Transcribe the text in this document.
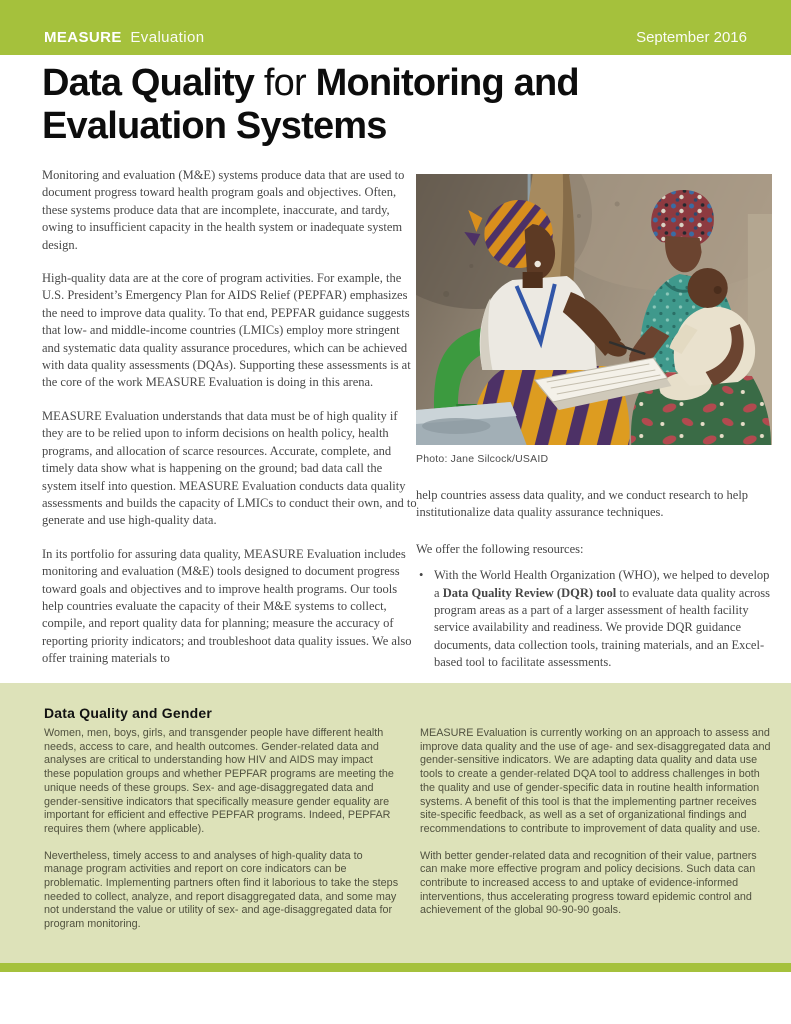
MEASURE Evaluation	September 2016
Data Quality for Monitoring and Evaluation Systems

Monitoring and evaluation (M&E) systems produce data that are used to document progress toward health program goals and objectives. Often, these systems produce data that are incomplete, inaccurate, and tardy, owing to insufficient capacity in the health system or inadequate system design.

High-quality data are at the core of program activities. For example, the U.S. President’s Emergency Plan for AIDS Relief (PEPFAR) emphasizes the need to improve data quality. To that end, PEPFAR guidance suggests that low- and middle-income countries (LMICs) employ more stringent and systematic data quality assurance procedures, which can be achieved with data quality assessments (DQAs). Supporting these assessments is at the core of the work MEASURE Evaluation is doing in this arena.

MEASURE Evaluation understands that data must be of high quality if they are to be relied upon to inform decisions on health policy, health programs, and allocation of scarce resources. Accurate, complete, and timely data show what is happening on the ground; bad data call the system itself into question. MEASURE Evaluation conducts data quality assessments and builds the capacity of LMICs to conduct their own, and to generate and use high-quality data.

In its portfolio for assuring data quality, MEASURE Evaluation includes monitoring and evaluation (M&E) tools designed to document progress toward goals and objectives and to improve health programs. Our tools help countries evaluate the capacity of their M&E systems to collect, compile, and report quality data for planning; measure the accuracy of reporting priority indicators; and troubleshoot data quality issues. We also offer training materials to

Photo: Jane Silcock/USAID

help countries assess data quality, and we conduct research to help institutionalize data quality assurance techniques.

We offer the following resources:

• With the World Health Organization (WHO), we helped to develop a Data Quality Review (DQR) tool to evaluate data quality across program areas as a part of a larger assessment of health facility service availability and readiness. We provide DQR guidance documents, data collection tools, training materials, and an Excel-based tool to facilitate assessments.
Data Quality and Gender

Women, men, boys, girls, and transgender people have different health needs, access to care, and health outcomes. Gender-related data and analyses are critical to understanding how HIV and AIDS may impact these population groups and whether PEPFAR programs are meeting the unique needs of these groups. Sex- and age-disaggregated data and gender-sensitive indicators that specifically measure gender equality are important for efficient and effective PEPFAR programs. Indeed, PEPFAR requires them (where applicable).

Nevertheless, timely access to and analyses of high-quality data to manage program activities and report on core indicators can be problematic. Implementing partners often find it laborious to take the steps needed to collect, analyze, and report disaggregated data, and some may not understand the value or utility of sex- and age-disaggregated data for program monitoring.

MEASURE Evaluation is currently working on an approach to assess and improve data quality and the use of age- and sex-disaggregated data and gender-sensitive indicators. We are adapting data quality and data use tools to create a gender-related DQA tool to address challenges in both the quality and use of gender-specific data in routine health information systems. A benefit of this tool is that the implementing partner receives site-specific feedback, as well as a set of organizational findings and recommendations to contribute to improvement of data quality and use.

With better gender-related data and recognition of their value, partners can make more effective program and policy decisions. Such data can contribute to increased access to and uptake of evidence-informed interventions, thus accelerating progress toward epidemic control and achievement of the global 90-90-90 goals.
